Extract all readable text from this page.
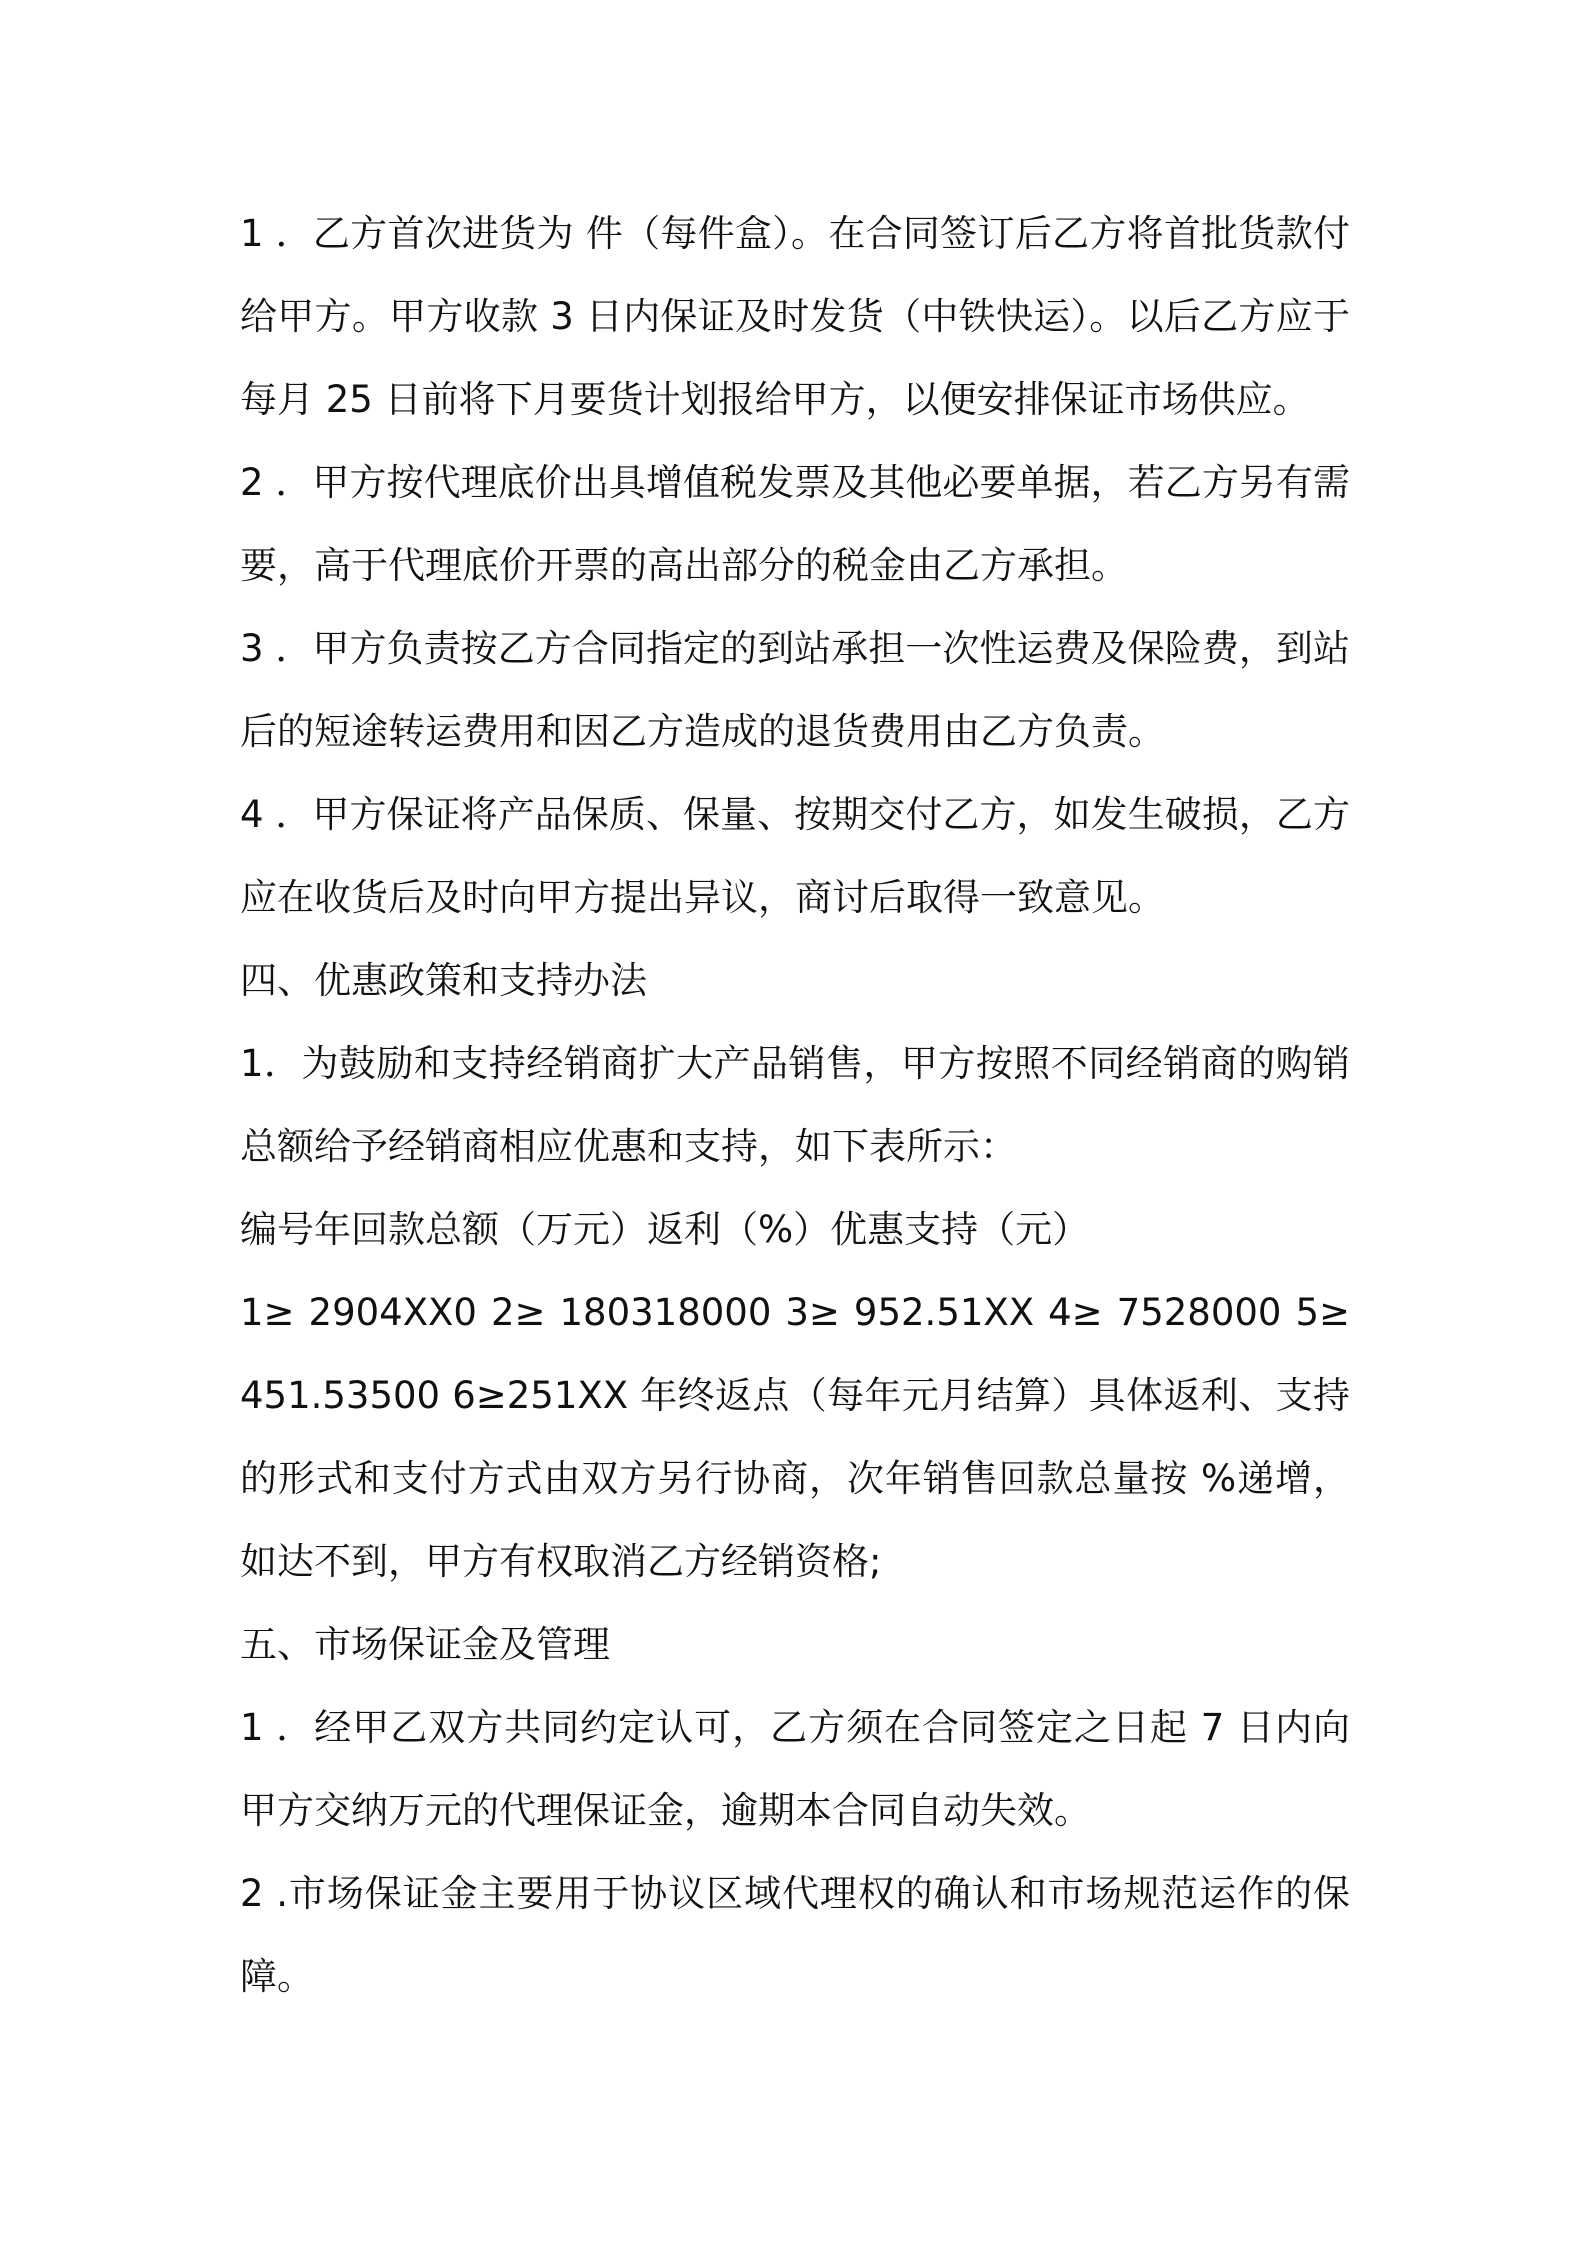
1 ．乙方首次进货为 件（每件盒）。在合同签订后乙方将首批货款付给甲方。甲方收款 3 日内保证及时发货（中铁快运）。以后乙方应于每月 25 日前将下月要货计划报给甲方，以便安排保证市场供应。

2 ．甲方按代理底价出具增值税发票及其他必要单据，若乙方另有需要，高于代理底价开票的高出部分的税金由乙方承担。

3 ．甲方负责按乙方合同指定的到站承担一次性运费及保险费，到站后的短途转运费用和因乙方造成的退货费用由乙方负责。

4 ．甲方保证将产品保质、保量、按期交付乙方，如发生破损，乙方应在收货后及时向甲方提出异议，商讨后取得一致意见。

四、优惠政策和支持办法

1．为鼓励和支持经销商扩大产品销售，甲方按照不同经销商的购销总额给予经销商相应优惠和支持，如下表所示：

编号年回款总额（万元）返利（%）优惠支持（元）

1≥ 2904XX0 2≥ 180318000 3≥ 952.51XX 4≥ 7528000 5≥ 451.53500 6≥251XX 年终返点（每年元月结算）具体返利、支持的形式和支付方式由双方另行协商，次年销售回款总量按 %递增，如达不到，甲方有权取消乙方经销资格;

五、市场保证金及管理

1 ．经甲乙双方共同约定认可，乙方须在合同签定之日起 7 日内向甲方交纳万元的代理保证金，逾期本合同自动失效。

2 .市场保证金主要用于协议区域代理权的确认和市场规范运作的保障。
